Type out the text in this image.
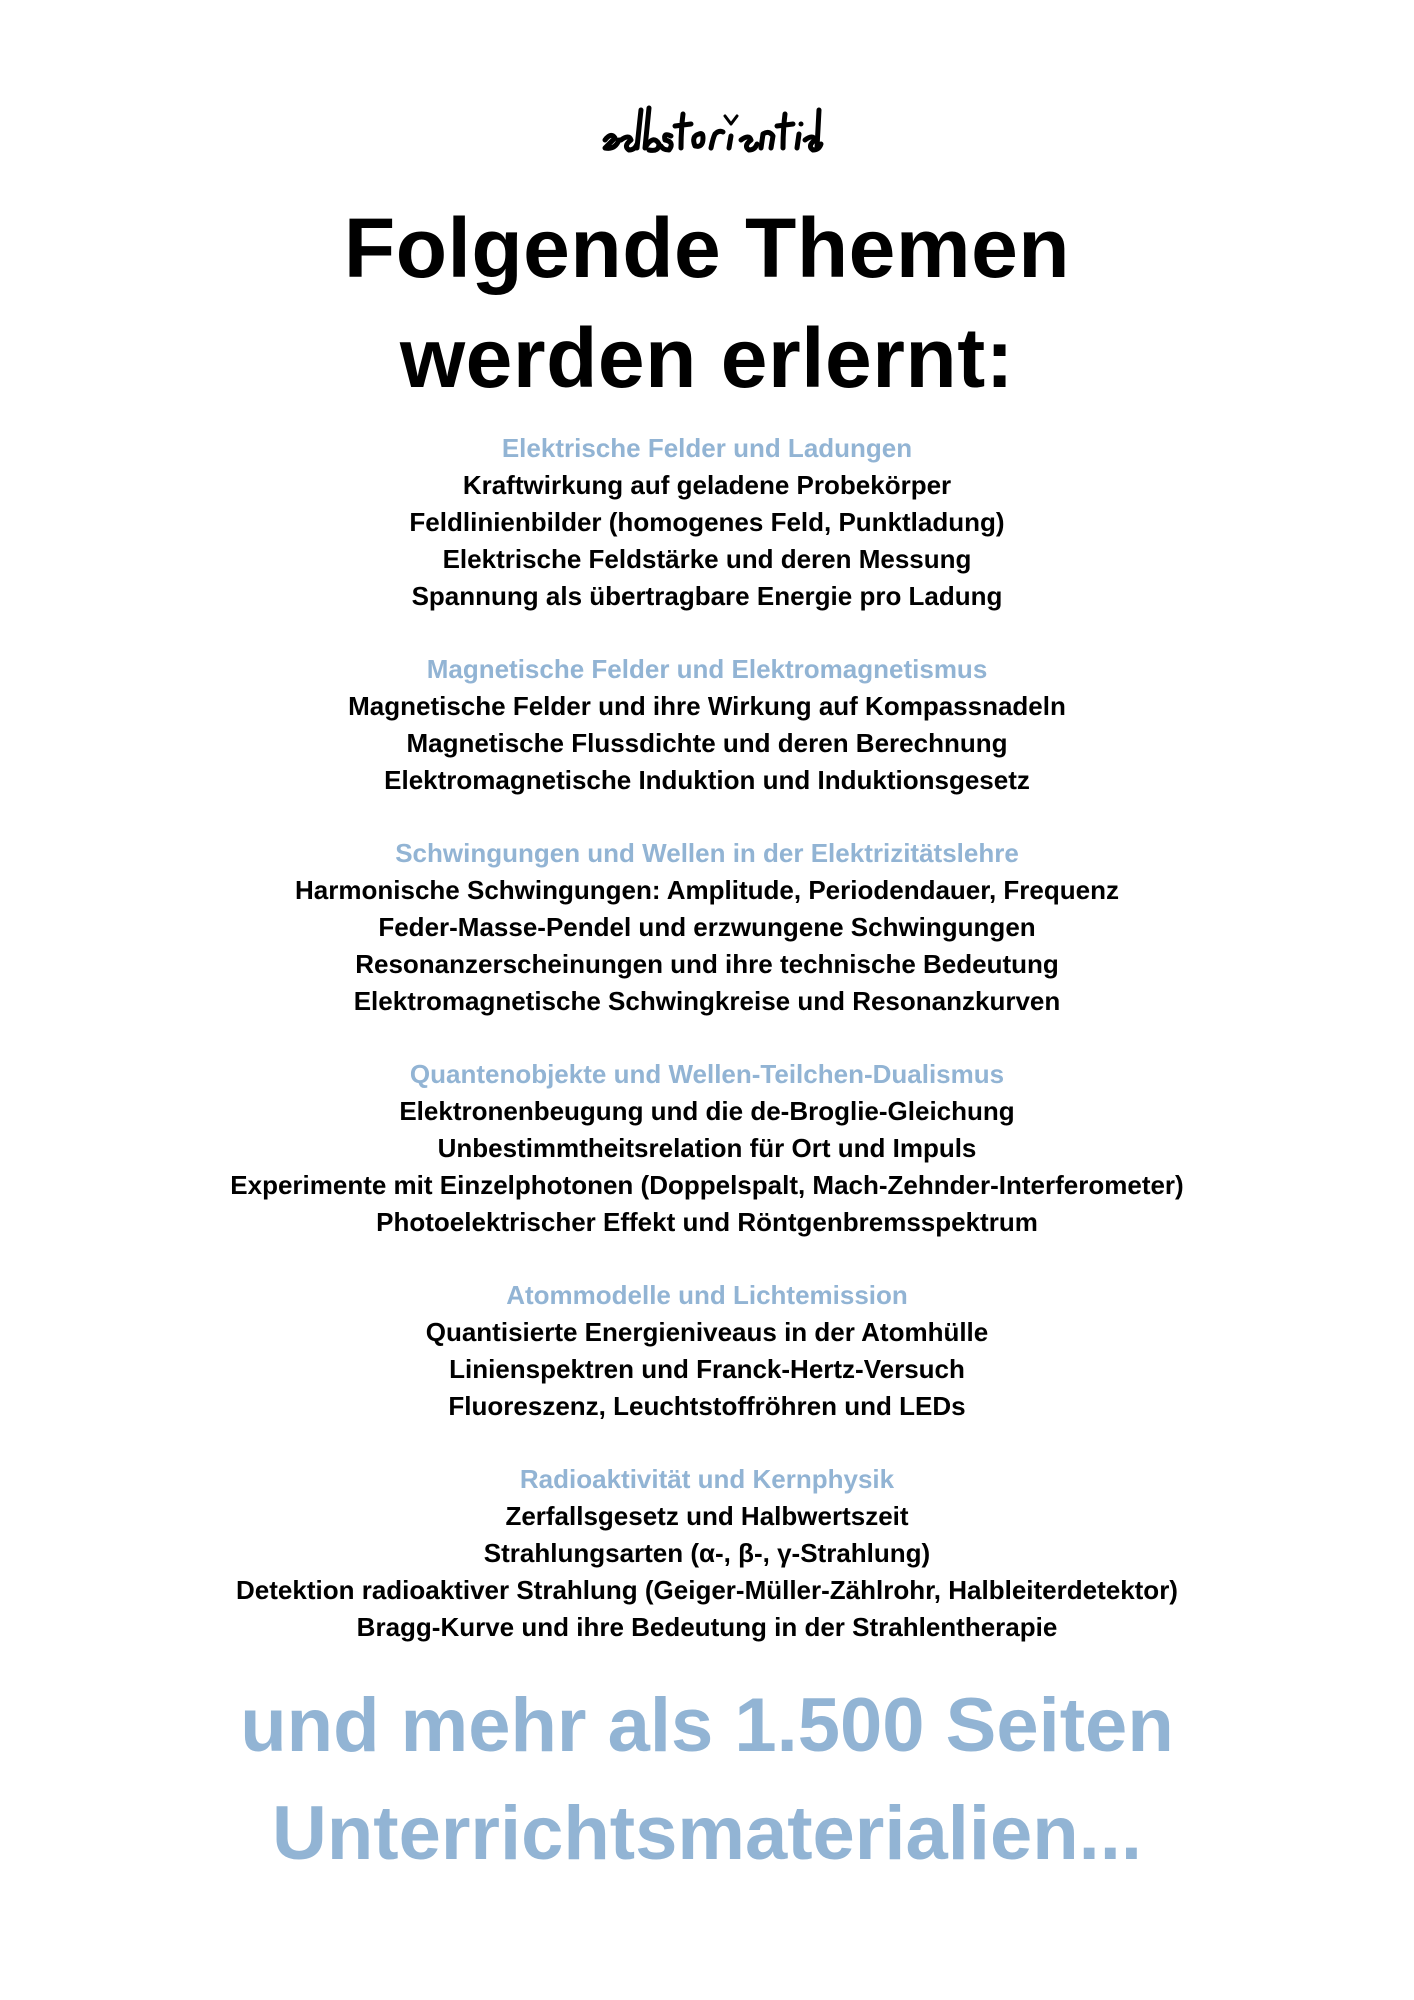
Folgende Themen
werden erlernt:

Elektrische Felder und Ladungen

Kraftwirkung auf geladene Probekörper

Feldlinienbilder (homogenes Feld, Punktladung)

Elektrische Feldstärke und deren Messung

Spannung als übertragbare Energie pro Ladung

Magnetische Felder und Elektromagnetismus

Magnetische Felder und ihre Wirkung auf Kompassnadeln

Magnetische Flussdichte und deren Berechnung

Elektromagnetische Induktion und Induktionsgesetz

Schwingungen und Wellen in der Elektrizitätslehre

Harmonische Schwingungen: Amplitude, Periodendauer, Frequenz

Feder-Masse-Pendel und erzwungene Schwingungen

Resonanzerscheinungen und ihre technische Bedeutung

Elektromagnetische Schwingkreise und Resonanzkurven

Quantenobjekte und Wellen-Teilchen-Dualismus

Elektronenbeugung und die de-Broglie-Gleichung

Unbestimmtheitsrelation für Ort und Impuls

Experimente mit Einzelphotonen (Doppelspalt, Mach-Zehnder-Interferometer)

Photoelektrischer Effekt und Röntgenbremsspektrum

Atommodelle und Lichtemission

Quantisierte Energieniveaus in der Atomhülle

Linienspektren und Franck-Hertz-Versuch

Fluoreszenz, Leuchtstoffröhren und LEDs

Radioaktivität und Kernphysik

Zerfallsgesetz und Halbwertszeit

Strahlungsarten (α-, β-, γ-Strahlung)

Detektion radioaktiver Strahlung (Geiger-Müller-Zählrohr, Halbleiterdetektor)

Bragg-Kurve und ihre Bedeutung in der Strahlentherapie

und mehr als 1.500 Seiten

Unterrichtsmaterialien...
